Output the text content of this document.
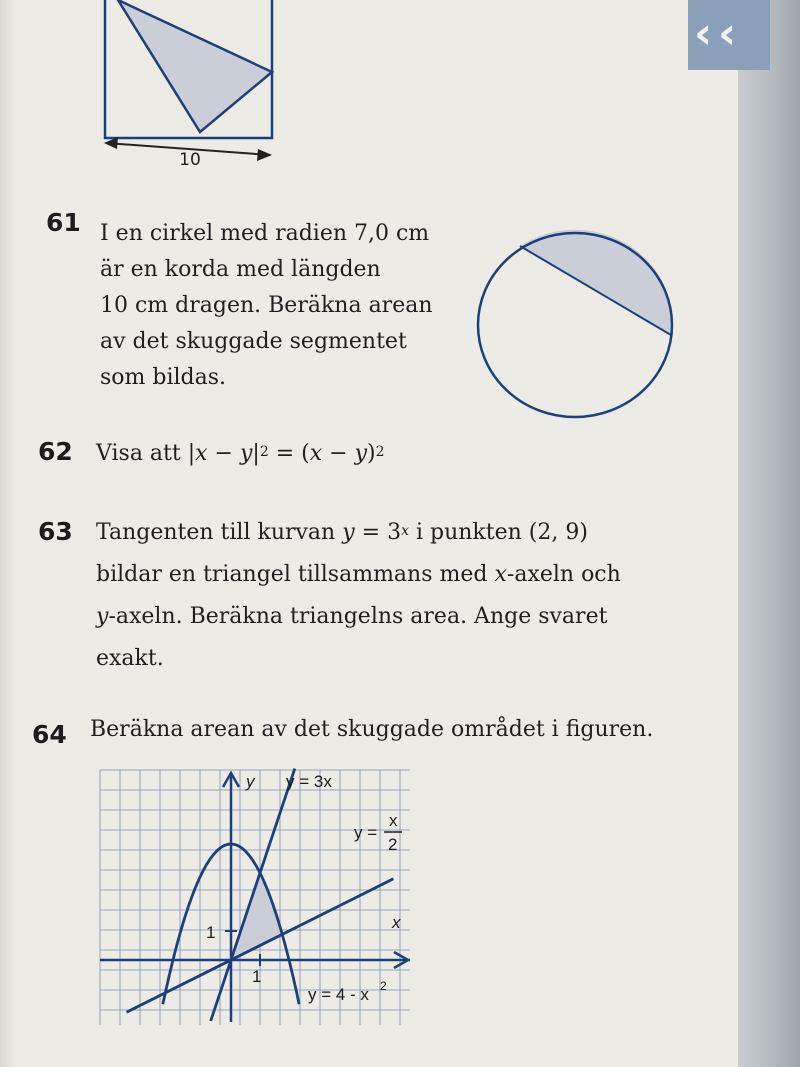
‹ ‹
10
61 I en cirkel med radien 7,0 cm
är en korda med längden
10 cm dragen. Beräkna arean
av det skuggade segmentet
som bildas.
62 Visa att $|x - y|^2 = (x - y)^2$
63 Tangenten till kurvan $y = 3^x$ i punkten (2, 9)
bildar en triangel tillsammans med x-axeln och
y-axeln. Beräkna triangelns area. Ange svaret
exakt.
64 Beräkna arean av det skuggade området i figuren.
y
x
y = 3x
y =
x
2
y = 4 - x 2
1
1
